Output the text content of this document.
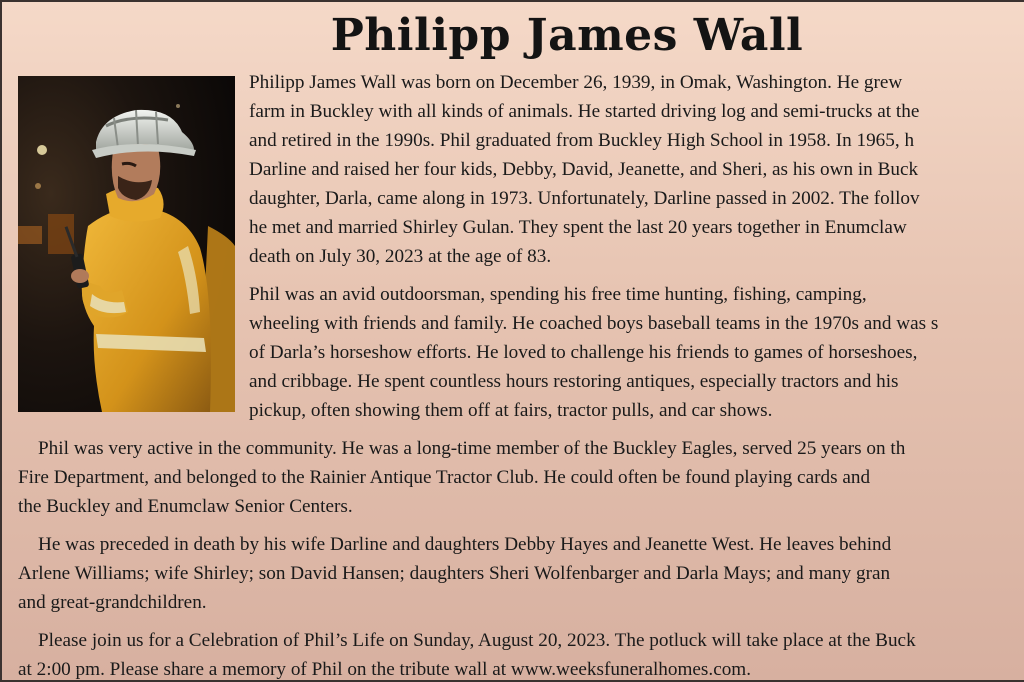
Philipp James Wall
Philipp James Wall was born on December 26, 1939, in Omak, Washington. He grew
farm in Buckley with all kinds of animals. He started driving log and semi-trucks at the
and retired in the 1990s. Phil graduated from Buckley High School in 1958. In 1965, h
Darline and raised her four kids, Debby, David, Jeanette, and Sheri, as his own in Buck
daughter, Darla, came along in 1973. Unfortunately, Darline passed in 2002. The follov
he met and married Shirley Gulan. They spent the last 20 years together in Enumclaw
death on July 30, 2023 at the age of 83.
Phil was an avid outdoorsman, spending his free time hunting, fishing, camping,
wheeling with friends and family. He coached boys baseball teams in the 1970s and was s
of Darla’s horseshow efforts. He loved to challenge his friends to games of horseshoes,
and cribbage. He spent countless hours restoring antiques, especially tractors and his
pickup, often showing them off at fairs, tractor pulls, and car shows.
Phil was very active in the community. He was a long-time member of the Buckley Eagles, served 25 years on th
Fire Department, and belonged to the Rainier Antique Tractor Club. He could often be found playing cards and
the Buckley and Enumclaw Senior Centers.
He was preceded in death by his wife Darline and daughters Debby Hayes and Jeanette West. He leaves behind
Arlene Williams; wife Shirley; son David Hansen; daughters Sheri Wolfenbarger and Darla Mays; and many gran
and great-grandchildren.
Please join us for a Celebration of Phil’s Life on Sunday, August 20, 2023. The potluck will take place at the Buck
at 2:00 pm. Please share a memory of Phil on the tribute wall at www.weeksfuneralhomes.com.
